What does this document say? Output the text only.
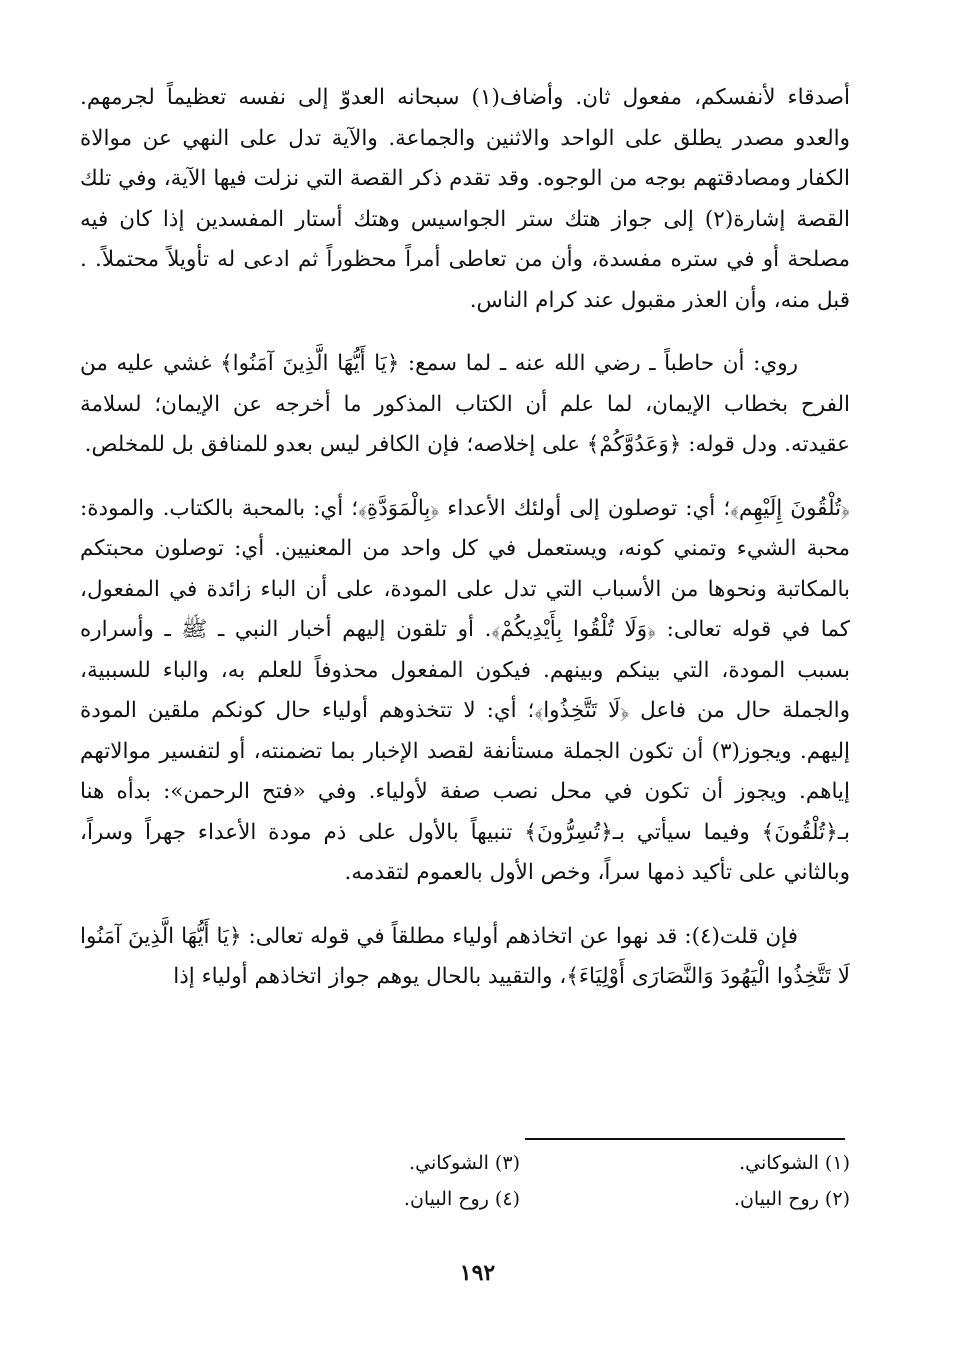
أصدقاء لأنفسكم، مفعول ثان. وأضاف(١) سبحانه العدوّ إلى نفسه تعظيماً لجرمهم. والعدو مصدر يطلق على الواحد والاثنين والجماعة. والآية تدل على النهي عن موالاة الكفار ومصادقتهم بوجه من الوجوه. وقد تقدم ذكر القصة التي نزلت فيها الآية، وفي تلك القصة إشارة(٢) إلى جواز هتك ستر الجواسيس وهتك أستار المفسدين إذا كان فيه مصلحة أو في ستره مفسدة، وأن من تعاطى أمراً محظوراً ثم ادعى له تأويلاً محتملاً. . قبل منه، وأن العذر مقبول عند كرام الناس.

روي: أن حاطباً ـ رضي الله عنه ـ لما سمع: ﴿يَا أَيُّهَا الَّذِينَ آمَنُوا﴾ غشي عليه من الفرح بخطاب الإيمان، لما علم أن الكتاب المذكور ما أخرجه عن الإيمان؛ لسلامة عقيدته. ودل قوله: ﴿وَعَدُوَّكُمْ﴾ على إخلاصه؛ فإن الكافر ليس بعدو للمنافق بل للمخلص.

﴿تُلْقُونَ إِلَيْهِم﴾؛ أي: توصلون إلى أولئك الأعداء ﴿بِالْمَوَدَّةِ﴾؛ أي: بالمحبة بالكتاب. والمودة: محبة الشيء وتمني كونه، ويستعمل في كل واحد من المعنيين. أي: توصلون محبتكم بالمكاتبة ونحوها من الأسباب التي تدل على المودة، على أن الباء زائدة في المفعول، كما في قوله تعالى: ﴿وَلَا تُلْقُوا بِأَيْدِيكُمْ﴾. أو تلقون إليهم أخبار النبي ـ ﷺ ـ وأسراره بسبب المودة، التي بينكم وبينهم. فيكون المفعول محذوفاً للعلم به، والباء للسببية، والجملة حال من فاعل ﴿لَا تَتَّخِذُوا﴾؛ أي: لا تتخذوهم أولياء حال كونكم ملقين المودة إليهم. ويجوز(٣) أن تكون الجملة مستأنفة لقصد الإخبار بما تضمنته، أو لتفسير موالاتهم إياهم. ويجوز أن تكون في محل نصب صفة لأولياء. وفي «فتح الرحمن»: بدأه هنا بـ﴿تُلْقُونَ﴾ وفيما سيأتي بـ﴿تُسِرُّونَ﴾ تنبيهاً بالأول على ذم مودة الأعداء جهراً وسراً، وبالثاني على تأكيد ذمها سراً، وخص الأول بالعموم لتقدمه.

فإن قلت(٤): قد نهوا عن اتخاذهم أولياء مطلقاً في قوله تعالى: ﴿يَا أَيُّهَا الَّذِينَ آمَنُوا لَا تَتَّخِذُوا الْيَهُودَ وَالنَّصَارَى أَوْلِيَاءَ﴾، والتقييد بالحال يوهم جواز اتخاذهم أولياء إذا

(١) الشوكاني.
(٣) الشوكاني.
(٢) روح البيان.
(٤) روح البيان.
١٩٢
